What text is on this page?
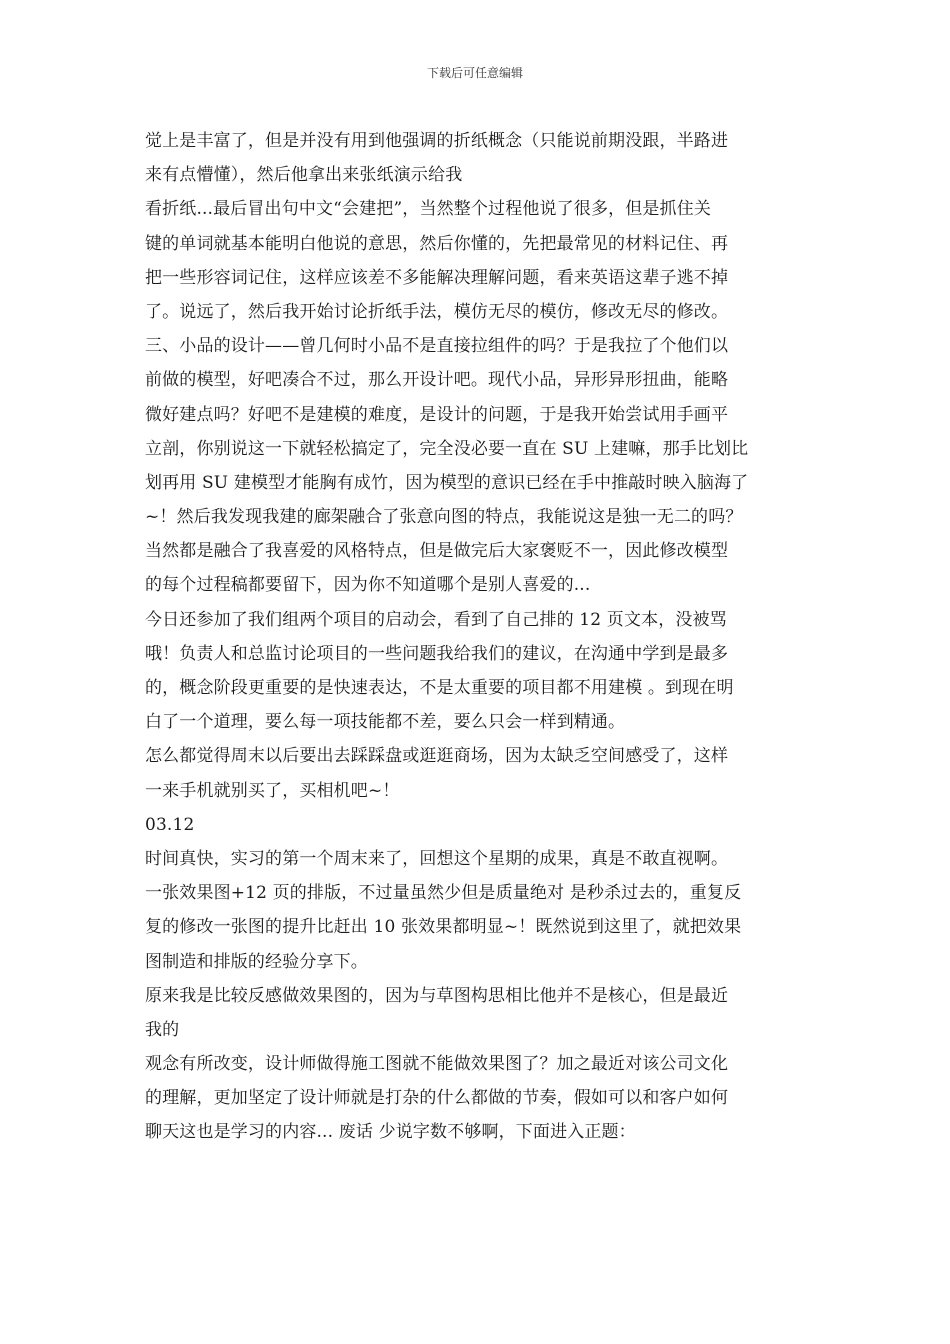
下载后可任意编辑
觉上是丰富了，但是并没有用到他强调的折纸概念（只能说前期没跟，半路进
来有点懵懂），然后他拿出来张纸演示给我
看折纸...最后冒出句中文“会建把”，当然整个过程他说了很多，但是抓住关
键的单词就基本能明白他说的意思，然后你懂的，先把最常见的材料记住、再
把一些形容词记住，这样应该差不多能解决理解问题，看来英语这辈子逃不掉
了。说远了，然后我开始讨论折纸手法，模仿无尽的模仿，修改无尽的修改。
三、小品的设计——曾几何时小品不是直接拉组件的吗？于是我拉了个他们以
前做的模型，好吧凑合不过，那么开设计吧。现代小品，异形异形扭曲，能略
微好建点吗？好吧不是建模的难度，是设计的问题，于是我开始尝试用手画平
立剖，你别说这一下就轻松搞定了，完全没必要一直在 SU 上建嘛，那手比划比
划再用 SU 建模型才能胸有成竹，因为模型的意识已经在手中推敲时映入脑海了
~！然后我发现我建的廊架融合了张意向图的特点，我能说这是独一无二的吗？
当然都是融合了我喜爱的风格特点，但是做完后大家褒贬不一，因此修改模型
的每个过程稿都要留下，因为你不知道哪个是别人喜爱的...
今日还参加了我们组两个项目的启动会，看到了自己排的 12 页文本，没被骂
哦！负责人和总监讨论项目的一些问题我给我们的建议，在沟通中学到是最多
的，概念阶段更重要的是快速表达，不是太重要的项目都不用建模 。到现在明
白了一个道理，要么每一项技能都不差，要么只会一样到精通。
怎么都觉得周末以后要出去踩踩盘或逛逛商场，因为太缺乏空间感受了，这样
一来手机就别买了，买相机吧~！
03.12
时间真快，实习的第一个周末来了，回想这个星期的成果，真是不敢直视啊。
一张效果图+12 页的排版，不过量虽然少但是质量绝对 是秒杀过去的，重复反
复的修改一张图的提升比赶出 10 张效果都明显~！既然说到这里了，就把效果
图制造和排版的经验分享下。
原来我是比较反感做效果图的，因为与草图构思相比他并不是核心，但是最近
我的
观念有所改变，设计师做得施工图就不能做效果图了？加之最近对该公司文化
的理解，更加坚定了设计师就是打杂的什么都做的节奏，假如可以和客户如何
聊天这也是学习的内容... 废话 少说字数不够啊，下面进入正题：
